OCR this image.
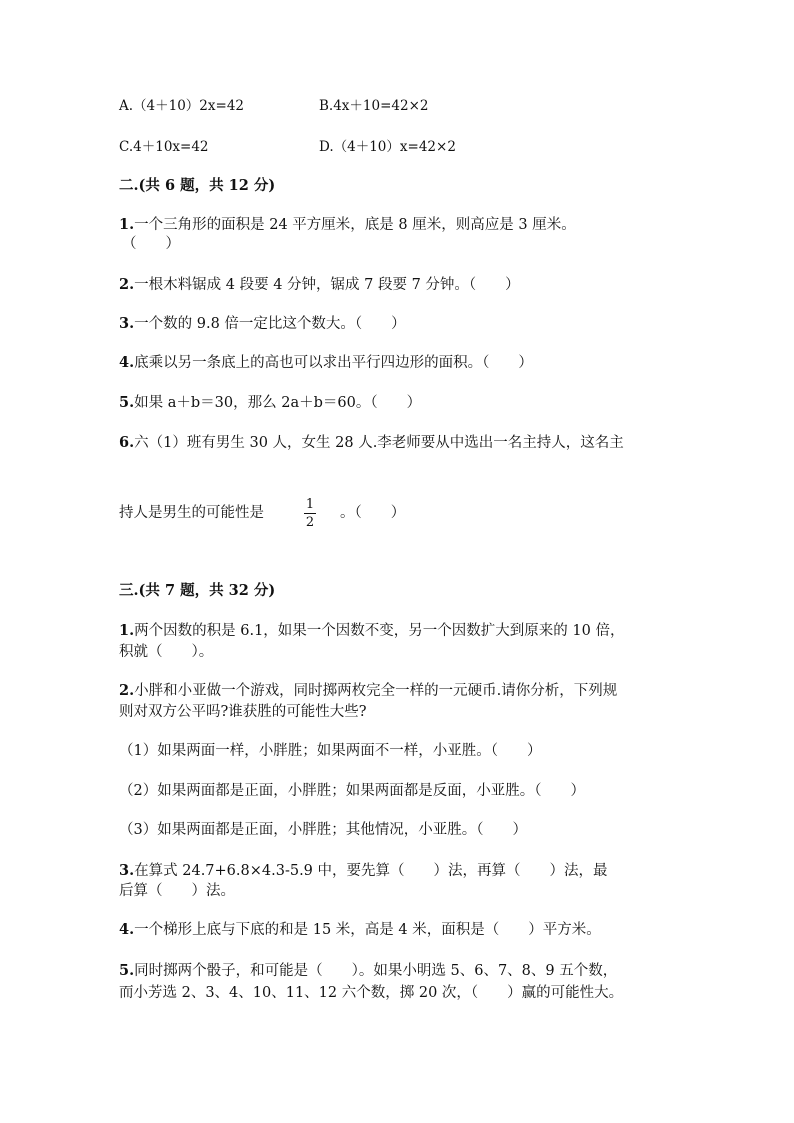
A.（4＋10）2x=42	B.4x＋10=42×2
C.4＋10x=42	D.（4＋10）x=42×2
二.(共 6 题，共 12 分)
1.一个三角形的面积是 24 平方厘米，底是 8 厘米，则高应是 3 厘米。
（　　）
2.一根木料锯成 4 段要 4 分钟，锯成 7 段要 7 分钟。（　　）
3.一个数的 9.8 倍一定比这个数大。（　　）
4.底乘以另一条底上的高也可以求出平行四边形的面积。（　　）
5.如果 a＋b＝30，那么 2a＋b＝60。（　　）
6.六（1）班有男生 30 人，女生 28 人.李老师要从中选出一名主持人，这名主
持人是男生的可能性是
1
2
。（　　）
三.(共 7 题，共 32 分)
1.两个因数的积是 6.1，如果一个因数不变，另一个因数扩大到原来的 10 倍，
积就（　　）。
2.小胖和小亚做一个游戏，同时掷两枚完全一样的一元硬币.请你分析，下列规
则对双方公平吗?谁获胜的可能性大些?
（1）如果两面一样，小胖胜；如果两面不一样，小亚胜。（　　）
（2）如果两面都是正面，小胖胜；如果两面都是反面，小亚胜。（　　）
（3）如果两面都是正面，小胖胜；其他情况，小亚胜。（　　）
3.在算式 24.7+6.8×4.3-5.9 中，要先算（　　）法，再算（　　）法，最
后算（　　）法。
4.一个梯形上底与下底的和是 15 米，高是 4 米，面积是（　　）平方米。
5.同时掷两个骰子，和可能是（　　）。如果小明选 5、6、7、8、9 五个数，
而小芳选 2、3、4、10、11、12 六个数，掷 20 次，（　　）赢的可能性大。
